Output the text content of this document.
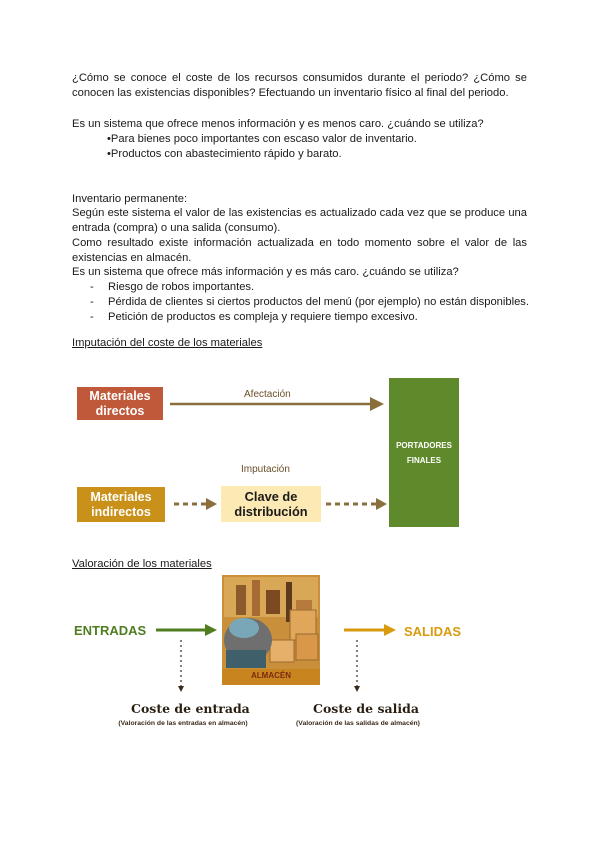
¿Cómo se conoce el coste de los recursos consumidos durante el periodo? ¿Cómo se conocen las existencias disponibles? Efectuando un inventario físico al final del periodo.
Es un sistema que ofrece menos información y es menos caro. ¿cuándo se utiliza?
•Para bienes poco importantes con escaso valor de inventario.
•Productos con abastecimiento rápido y barato.
Inventario permanente:
Según este sistema el valor de las existencias es actualizado cada vez que se produce una entrada (compra) o una salida (consumo).
Como resultado existe información actualizada en todo momento sobre el valor de las existencias en almacén.
Es un sistema que ofrece más información y es más caro. ¿cuándo se utiliza?
- Riesgo de robos importantes.
- Pérdida de clientes si ciertos productos del menú (por ejemplo) no están disponibles.
- Petición de productos es compleja y requiere tiempo excesivo.
Imputación del coste de los materiales
Materiales directos
Afectación
Imputación
Materiales indirectos
Clave de distribución
PORTADORES FINALES
Valoración de los materiales
ENTRADAS	SALIDAS
ALMACÉN
Coste de entrada
(Valoración de las entradas en almacén)
Coste de salida
(Valoración de las salidas de almacén)
